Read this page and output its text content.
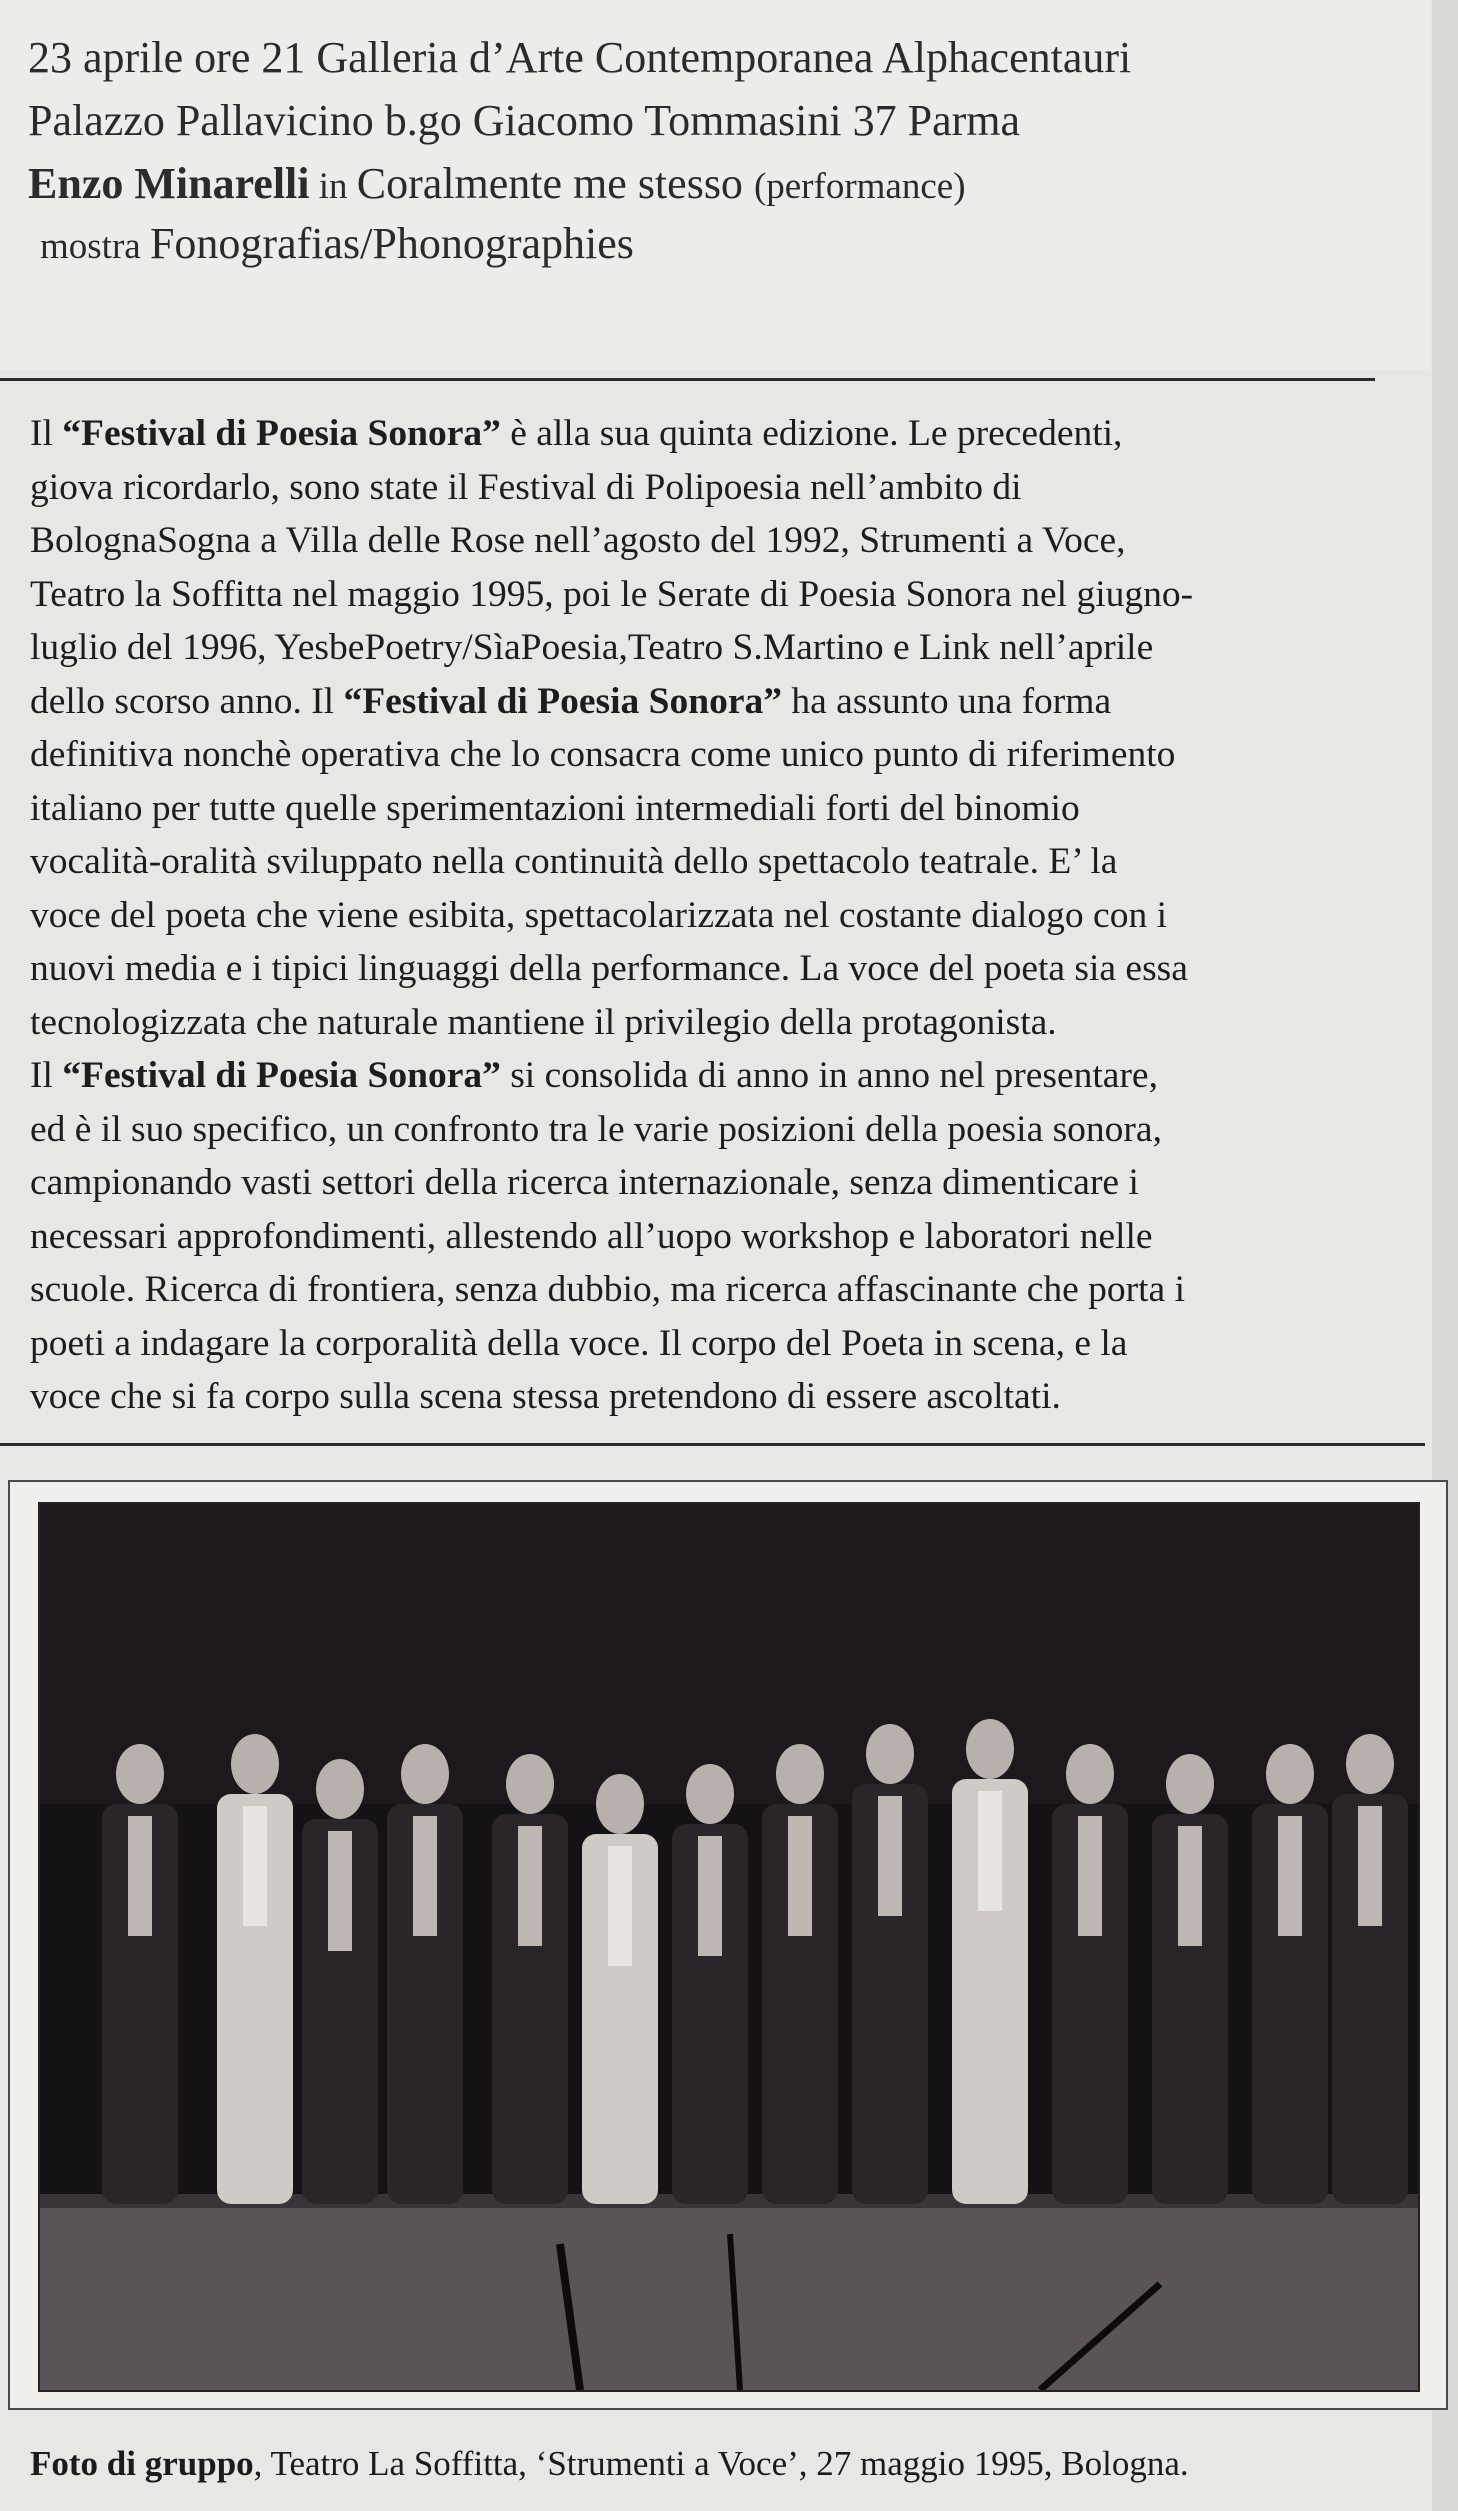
23 aprile ore 21 Galleria d’Arte Contemporanea Alphacentauri
Palazzo Pallavicino b.go Giacomo Tommasini 37 Parma
Enzo Minarelli in Coralmente me stesso (performance)
mostra Fonografias/Phonographies

Il “Festival di Poesia Sonora” è alla sua quinta edizione. Le precedenti,
giova ricordarlo, sono state il Festival di Polipoesia nell’ambito di
BolognaSogna a Villa delle Rose nell’agosto del 1992, Strumenti a Voce,
Teatro la Soffitta nel maggio 1995, poi le Serate di Poesia Sonora nel giugno-
luglio del 1996, YesbePoetry/SìaPoesia,Teatro S.Martino e Link nell’aprile
dello scorso anno. Il “Festival di Poesia Sonora” ha assunto una forma
definitiva nonchè operativa che lo consacra come unico punto di riferimento
italiano per tutte quelle sperimentazioni intermediali forti del binomio
vocalità-oralità sviluppato nella continuità dello spettacolo teatrale. E’ la
voce del poeta che viene esibita, spettacolarizzata nel costante dialogo con i
nuovi media e i tipici linguaggi della performance. La voce del poeta sia essa
tecnologizzata che naturale mantiene il privilegio della protagonista.

Il “Festival di Poesia Sonora” si consolida di anno in anno nel presentare,
ed è il suo specifico, un confronto tra le varie posizioni della poesia sonora,
campionando vasti settori della ricerca internazionale, senza dimenticare i
necessari approfondimenti, allestendo all’uopo workshop e laboratori nelle
scuole. Ricerca di frontiera, senza dubbio, ma ricerca affascinante che porta i
poeti a indagare la corporalità della voce. Il corpo del Poeta in scena, e la
voce che si fa corpo sulla scena stessa pretendono di essere ascoltati.

Foto di gruppo, Teatro La Soffitta, ‘Strumenti a Voce’, 27 maggio 1995, Bologna.
